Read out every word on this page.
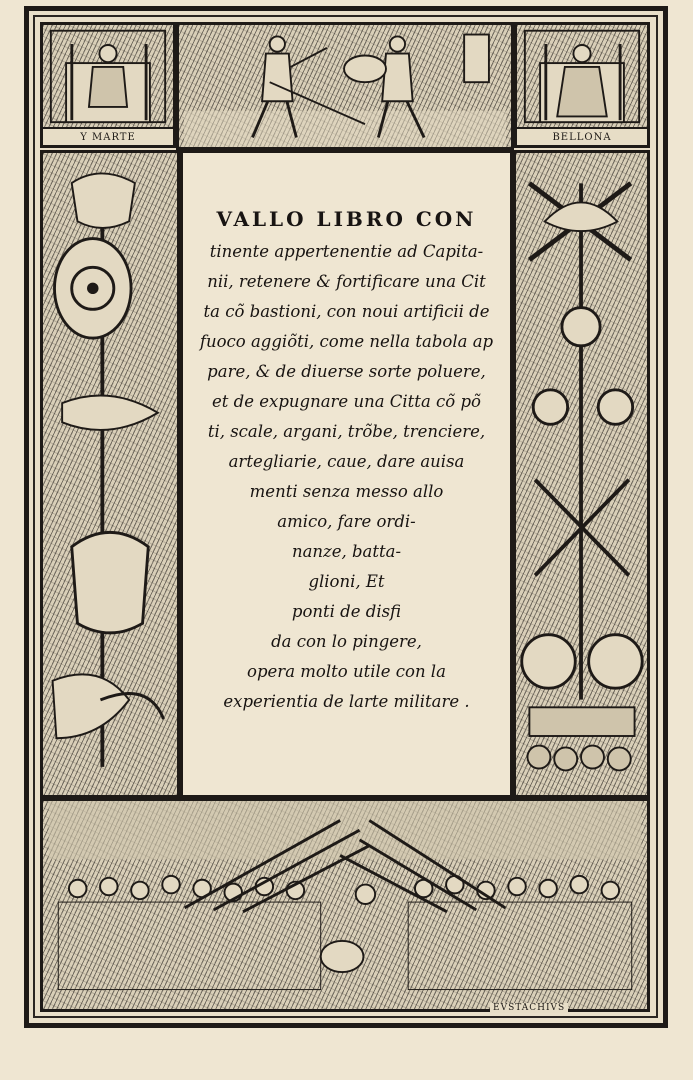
Y MARTE	BELLONA
VALLO LIBRO CON
tinente appertenentie ad Capita-
nii, retenere & fortificare una Cit
ta cõ bastioni, con noui artificii de
fuoco aggiõti, come nella tabola ap
pare, & de diuerse sorte poluere,
et de expugnare una Citta cõ põ
ti, scale, argani, trõbe, trenciere,
artegliarie, caue, dare auisa
menti senza messo allo
amico, fare ordi-
nanze, batta-
glioni, Et
ponti de disfi
da con lo pingere,
opera molto utile con la
experientia de larte militare .
EVSTACHIVS
